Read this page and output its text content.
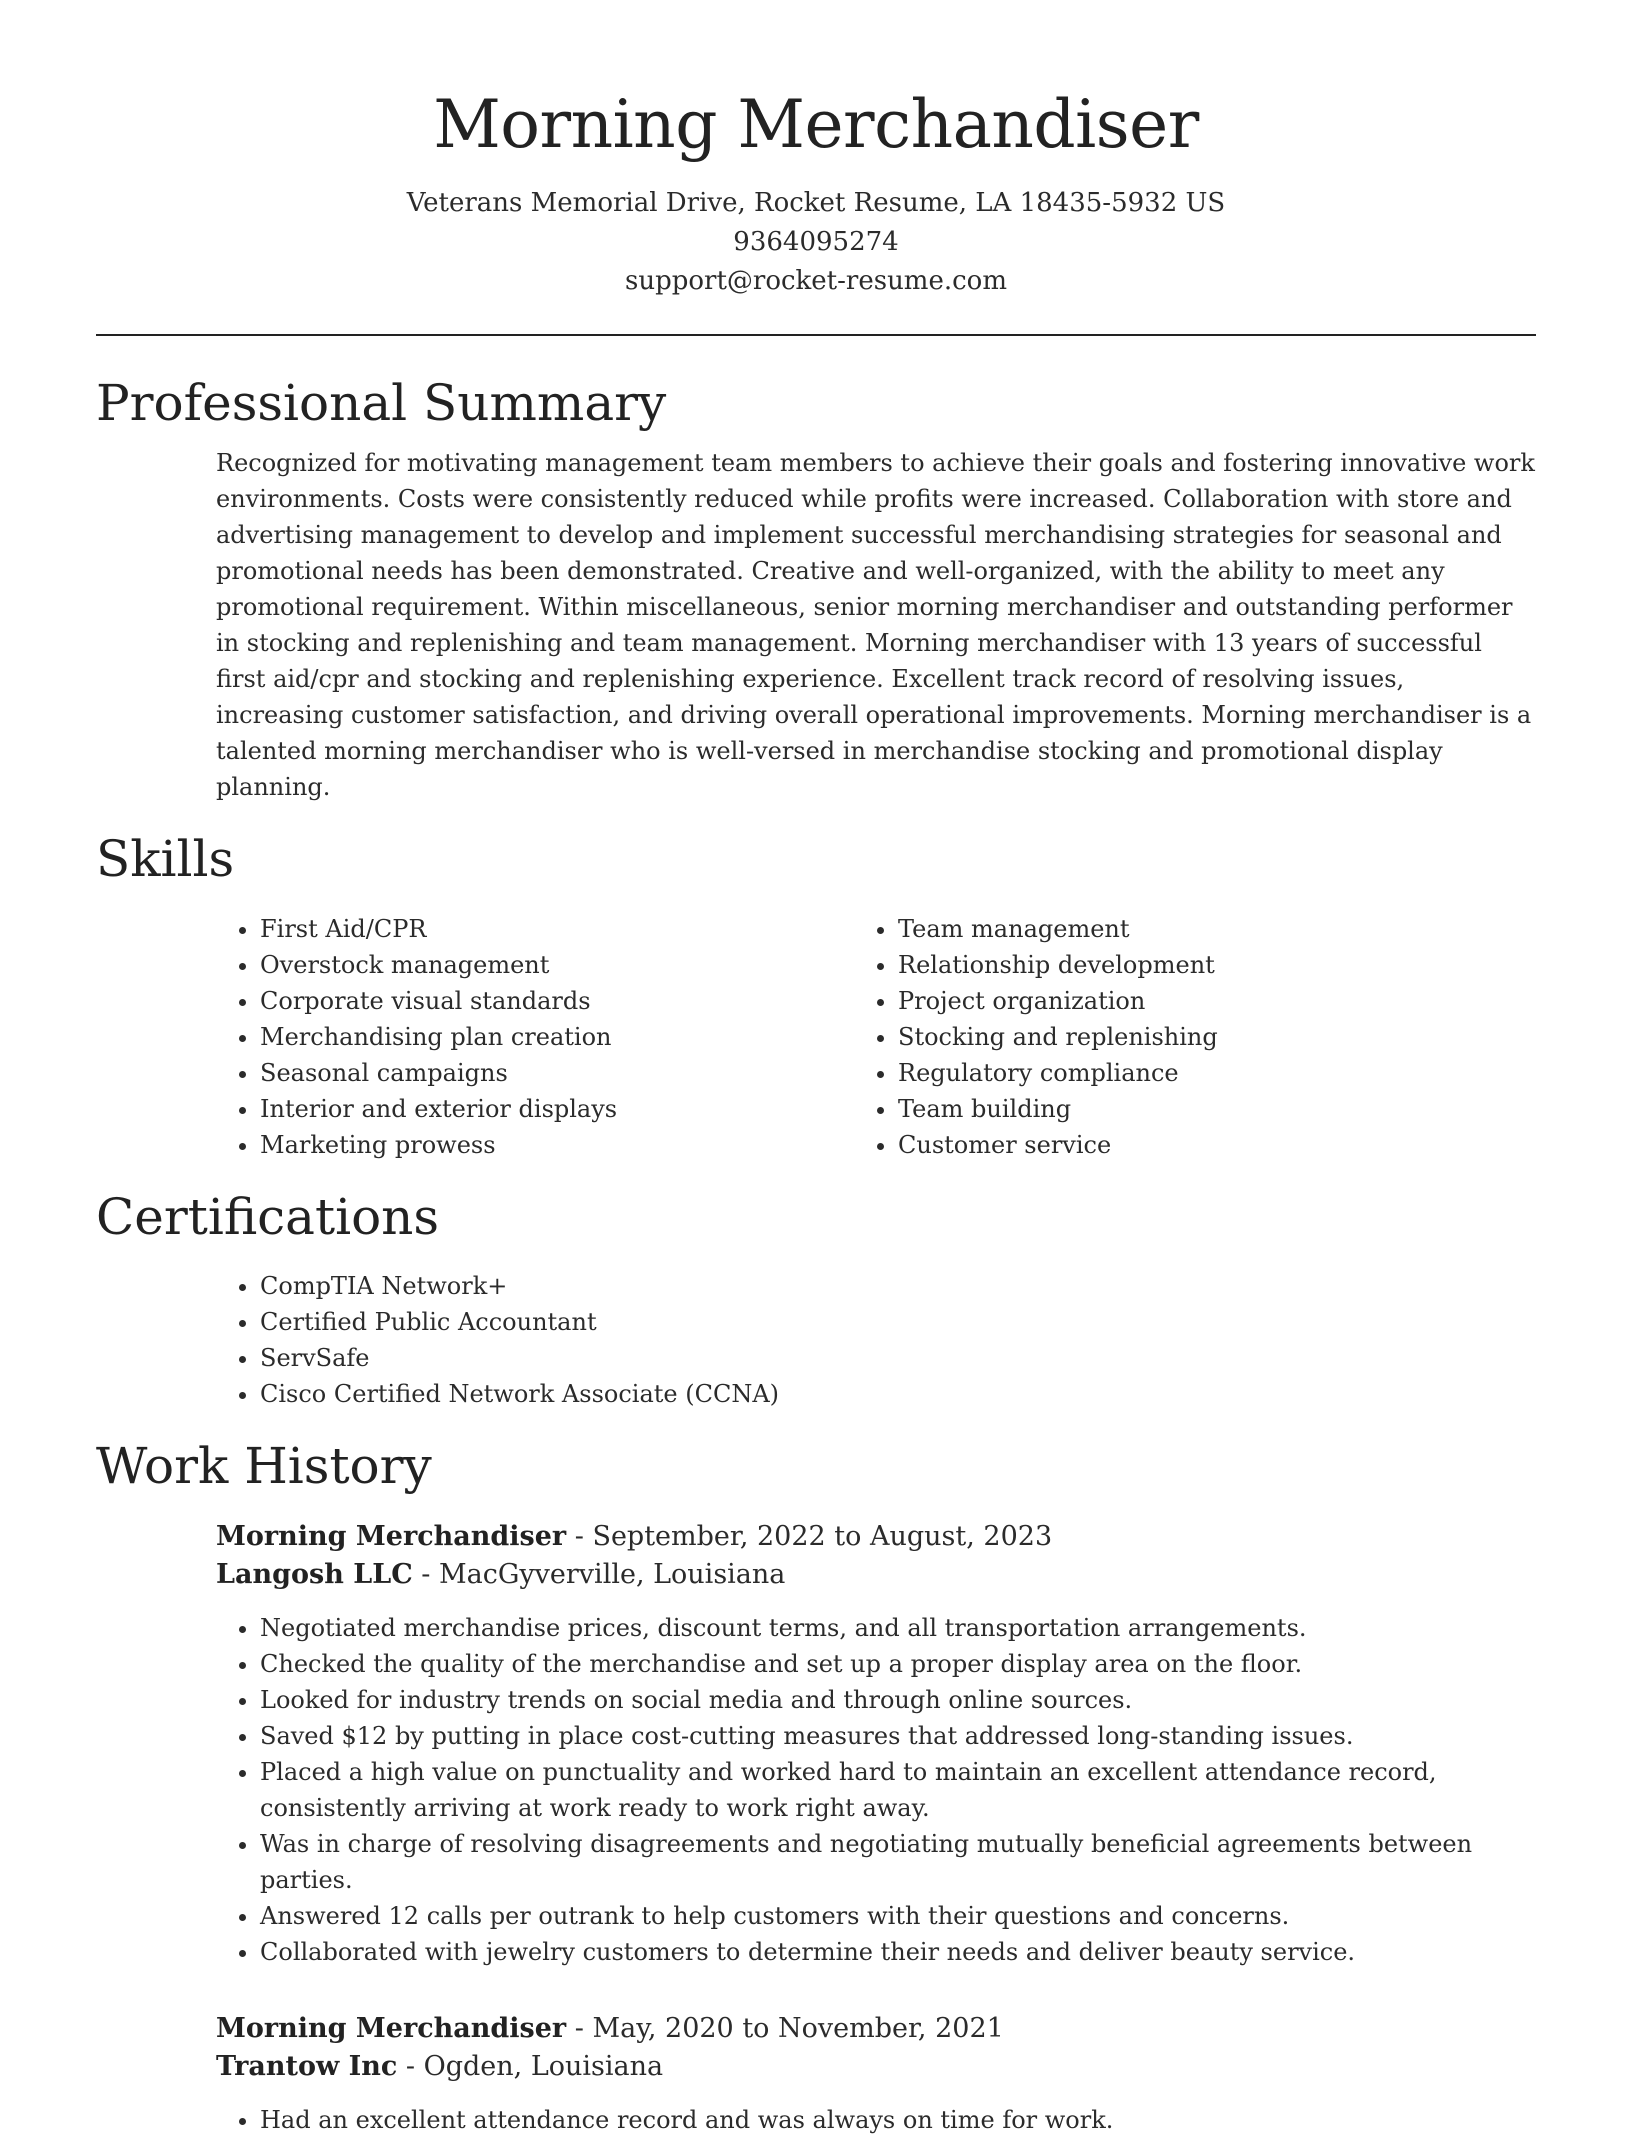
Morning Merchandiser

Veterans Memorial Drive, Rocket Resume, LA 18435-5932 US

9364095274

support@rocket-resume.com

Professional Summary

Recognized for motivating management team members to achieve their goals and fostering innovative work environments. Costs were consistently reduced while profits were increased. Collaboration with store and advertising management to develop and implement successful merchandising strategies for seasonal and promotional needs has been demonstrated. Creative and well-organized, with the ability to meet any promotional requirement. Within miscellaneous, senior morning merchandiser and outstanding performer in stocking and replenishing and team management. Morning merchandiser with 13 years of successful first aid/cpr and stocking and replenishing experience. Excellent track record of resolving issues, increasing customer satisfaction, and driving overall operational improvements. Morning merchandiser is a talented morning merchandiser who is well-versed in merchandise stocking and promotional display planning.

Skills
• First Aid/CPR
• Overstock management
• Corporate visual standards
• Merchandising plan creation
• Seasonal campaigns
• Interior and exterior displays
• Marketing prowess
• Team management
• Relationship development
• Project organization
• Stocking and replenishing
• Regulatory compliance
• Team building
• Customer service
Certifications
• CompTIA Network+
• Certified Public Accountant
• ServSafe
• Cisco Certified Network Associate (CCNA)
Work History
Morning Merchandiser - September, 2022 to August, 2023
Langosh LLC - MacGyverville, Louisiana
• Negotiated merchandise prices, discount terms, and all transportation arrangements.
• Checked the quality of the merchandise and set up a proper display area on the floor.
• Looked for industry trends on social media and through online sources.
• Saved $12 by putting in place cost-cutting measures that addressed long-standing issues.
• Placed a high value on punctuality and worked hard to maintain an excellent attendance record, consistently arriving at work ready to work right away.
• Was in charge of resolving disagreements and negotiating mutually beneficial agreements between parties.
• Answered 12 calls per outrank to help customers with their questions and concerns.
• Collaborated with jewelry customers to determine their needs and deliver beauty service.
Morning Merchandiser - May, 2020 to November, 2021
Trantow Inc - Ogden, Louisiana
• Had an excellent attendance record and was always on time for work.
